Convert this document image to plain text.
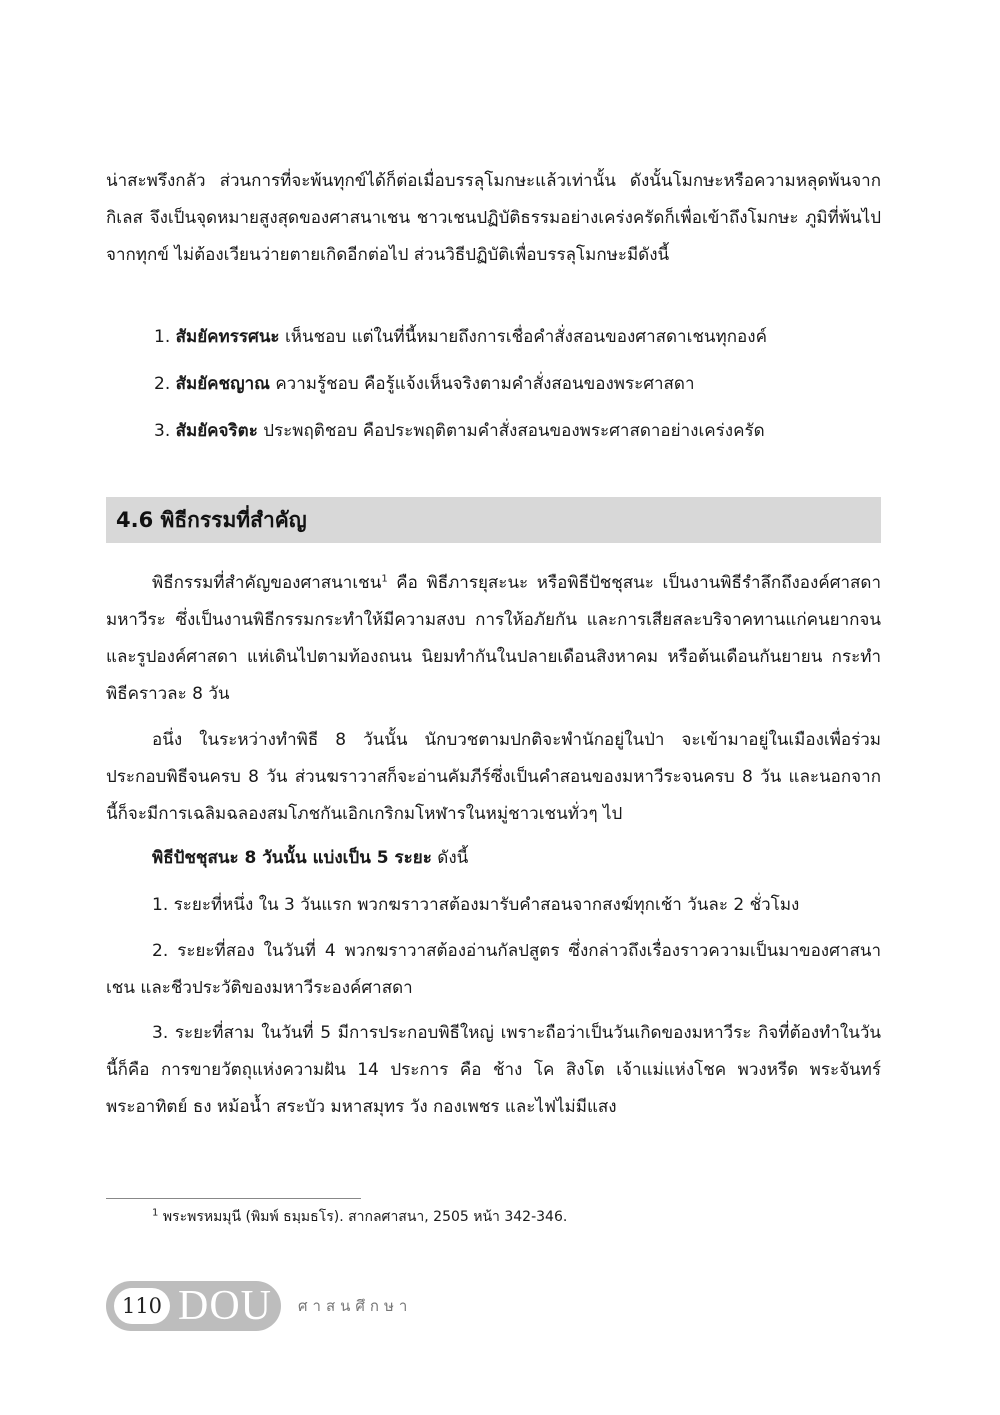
น่าสะพรึงกลัว ส่วนการที่จะพ้นทุกข์ได้ก็ต่อเมื่อบรรลุโมกษะแล้วเท่านั้น ดังนั้นโมกษะหรือความหลุดพ้นจากกิเลส จึงเป็นจุดหมายสูงสุดของศาสนาเชน ชาวเชนปฏิบัติธรรมอย่างเคร่งครัดก็เพื่อเข้าถึงโมกษะ ภูมิที่พ้นไปจากทุกข์ ไม่ต้องเวียนว่ายตายเกิดอีกต่อไป ส่วนวิธีปฏิบัติเพื่อบรรลุโมกษะมีดังนี้

1. สัมยัคทรรศนะ เห็นชอบ แต่ในที่นี้หมายถึงการเชื่อคำสั่งสอนของศาสดาเชนทุกองค์

2. สัมยัคชญาณ ความรู้ชอบ คือรู้แจ้งเห็นจริงตามคำสั่งสอนของพระศาสดา

3. สัมยัคจริตะ ประพฤติชอบ คือประพฤติตามคำสั่งสอนของพระศาสดาอย่างเคร่งครัด

4.6 พิธีกรรมที่สำคัญ

พิธีกรรมที่สำคัญของศาสนาเชน$^1$ คือ พิธีภารยุสะนะ หรือพิธีปัชชุสนะ เป็นงานพิธีรำลึกถึงองค์ศาสดามหาวีระ ซึ่งเป็นงานพิธีกรรมกระทำให้มีความสงบ การให้อภัยกัน และการเสียสละบริจาคทานแก่คนยากจน และรูปองค์ศาสดา แห่เดินไปตามท้องถนน นิยมทำกันในปลายเดือนสิงหาคม หรือต้นเดือนกันยายน กระทำพิธีคราวละ 8 วัน

อนึ่ง ในระหว่างทำพิธี 8 วันนั้น นักบวชตามปกติจะพำนักอยู่ในป่า จะเข้ามาอยู่ในเมืองเพื่อร่วมประกอบพิธีจนครบ 8 วัน ส่วนฆราวาสก็จะอ่านคัมภีร์ซึ่งเป็นคำสอนของมหาวีระจนครบ 8 วัน และนอกจากนี้ก็จะมีการเฉลิมฉลองสมโภชกันเอิกเกริกมโหฬารในหมู่ชาวเชนทั่วๆ ไป

พิธีปัชชุสนะ 8 วันนั้น แบ่งเป็น 5 ระยะ ดังนี้

1. ระยะที่หนึ่ง ใน 3 วันแรก พวกฆราวาสต้องมารับคำสอนจากสงฆ์ทุกเช้า วันละ 2 ชั่วโมง

2. ระยะที่สอง ในวันที่ 4 พวกฆราวาสต้องอ่านกัลปสูตร ซึ่งกล่าวถึงเรื่องราวความเป็นมาของศาสนาเชน และชีวประวัติของมหาวีระองค์ศาสดา

3. ระยะที่สาม ในวันที่ 5 มีการประกอบพิธีใหญ่ เพราะถือว่าเป็นวันเกิดของมหาวีระ กิจที่ต้องทำในวันนี้ก็คือ การขายวัตถุแห่งความฝัน 14 ประการ คือ ช้าง โค สิงโต เจ้าแม่แห่งโชค พวงหรีด พระจันทร์ พระอาทิตย์ ธง หม้อน้ำ สระบัว มหาสมุทร วัง กองเพชร และไฟไม่มีแสง

$^1$ พระพรหมมุนี (พิมพ์ ธมฺมธโร). สากลศาสนา, 2505 หน้า 342-346.

110 DOU ศาสนศึกษา
